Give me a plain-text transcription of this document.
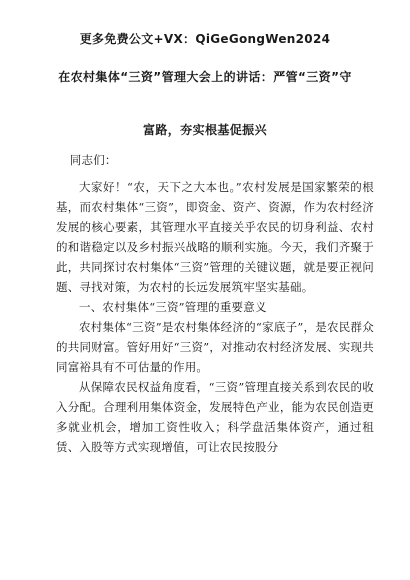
更多免费公文+VX：QiGeGongWen2024
在农村集体“三资”管理大会上的讲话：严管“三资”守
富路，夯实根基促振兴

同志们：

大家好！“农，天下之大本也。”农村发展是国家繁荣的根基，而农村集体“三资”，即资金、资产、资源，作为农村经济发展的核心要素，其管理水平直接关乎农民的切身利益、农村的和谐稳定以及乡村振兴战略的顺利实施。今天，我们齐聚于此，共同探讨农村集体“三资”管理的关键议题，就是要正视问题、寻找对策，为农村的长远发展筑牢坚实基础。

一、农村集体“三资”管理的重要意义

农村集体“三资”是农村集体经济的“家底子”，是农民群众的共同财富。管好用好“三资”，对推动农村经济发展、实现共同富裕具有不可估量的作用。

从保障农民权益角度看，“三资”管理直接关系到农民的收入分配。合理利用集体资金，发展特色产业，能为农民创造更多就业机会，增加工资性收入；科学盘活集体资产，通过租赁、入股等方式实现增值，可让农民按股分
